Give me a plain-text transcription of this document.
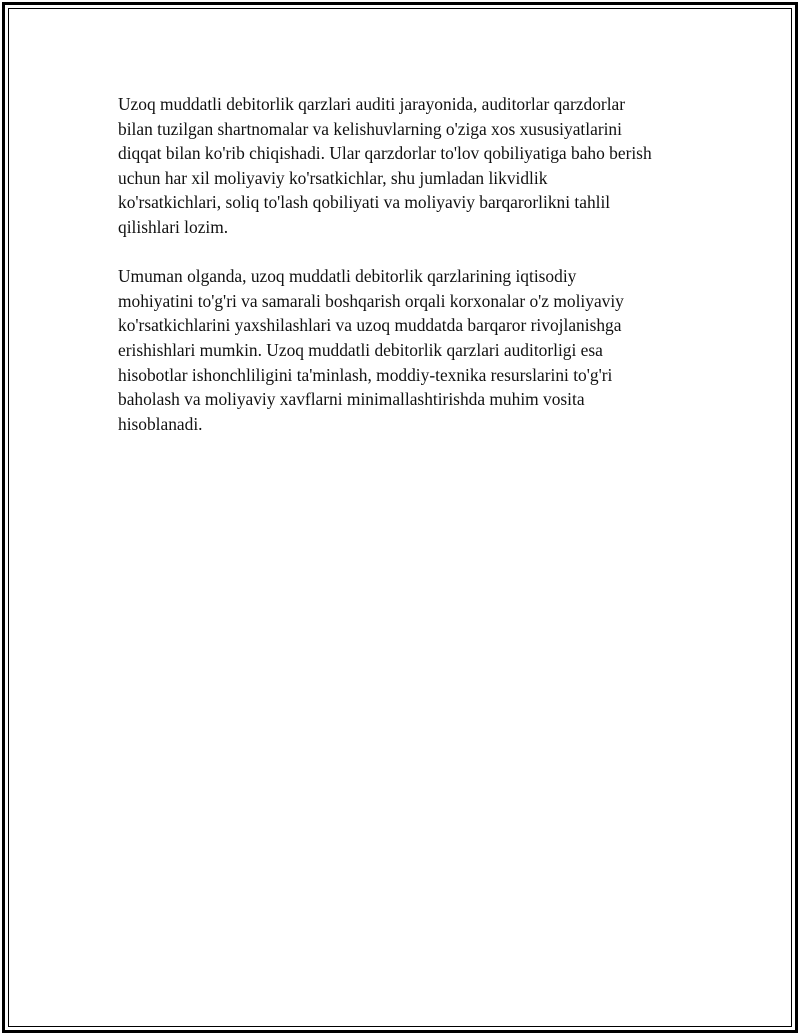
Uzoq muddatli debitorlik qarzlari auditi jarayonida, auditorlar qarzdorlar
bilan tuzilgan shartnomalar va kelishuvlarning o'ziga xos xususiyatlarini
diqqat bilan ko'rib chiqishadi. Ular qarzdorlar to'lov qobiliyatiga baho berish
uchun har xil moliyaviy ko'rsatkichlar, shu jumladan likvidlik
ko'rsatkichlari, soliq to'lash qobiliyati va moliyaviy barqarorlikni tahlil
qilishlari lozim.

Umuman olganda, uzoq muddatli debitorlik qarzlarining iqtisodiy
mohiyatini to'g'ri va samarali boshqarish orqali korxonalar o'z moliyaviy
ko'rsatkichlarini yaxshilashlari va uzoq muddatda barqaror rivojlanishga
erishishlari mumkin. Uzoq muddatli debitorlik qarzlari auditorligi esa
hisobotlar ishonchliligini ta'minlash, moddiy-texnika resurslarini to'g'ri
baholash va moliyaviy xavflarni minimallashtirishda muhim vosita
hisoblanadi.
